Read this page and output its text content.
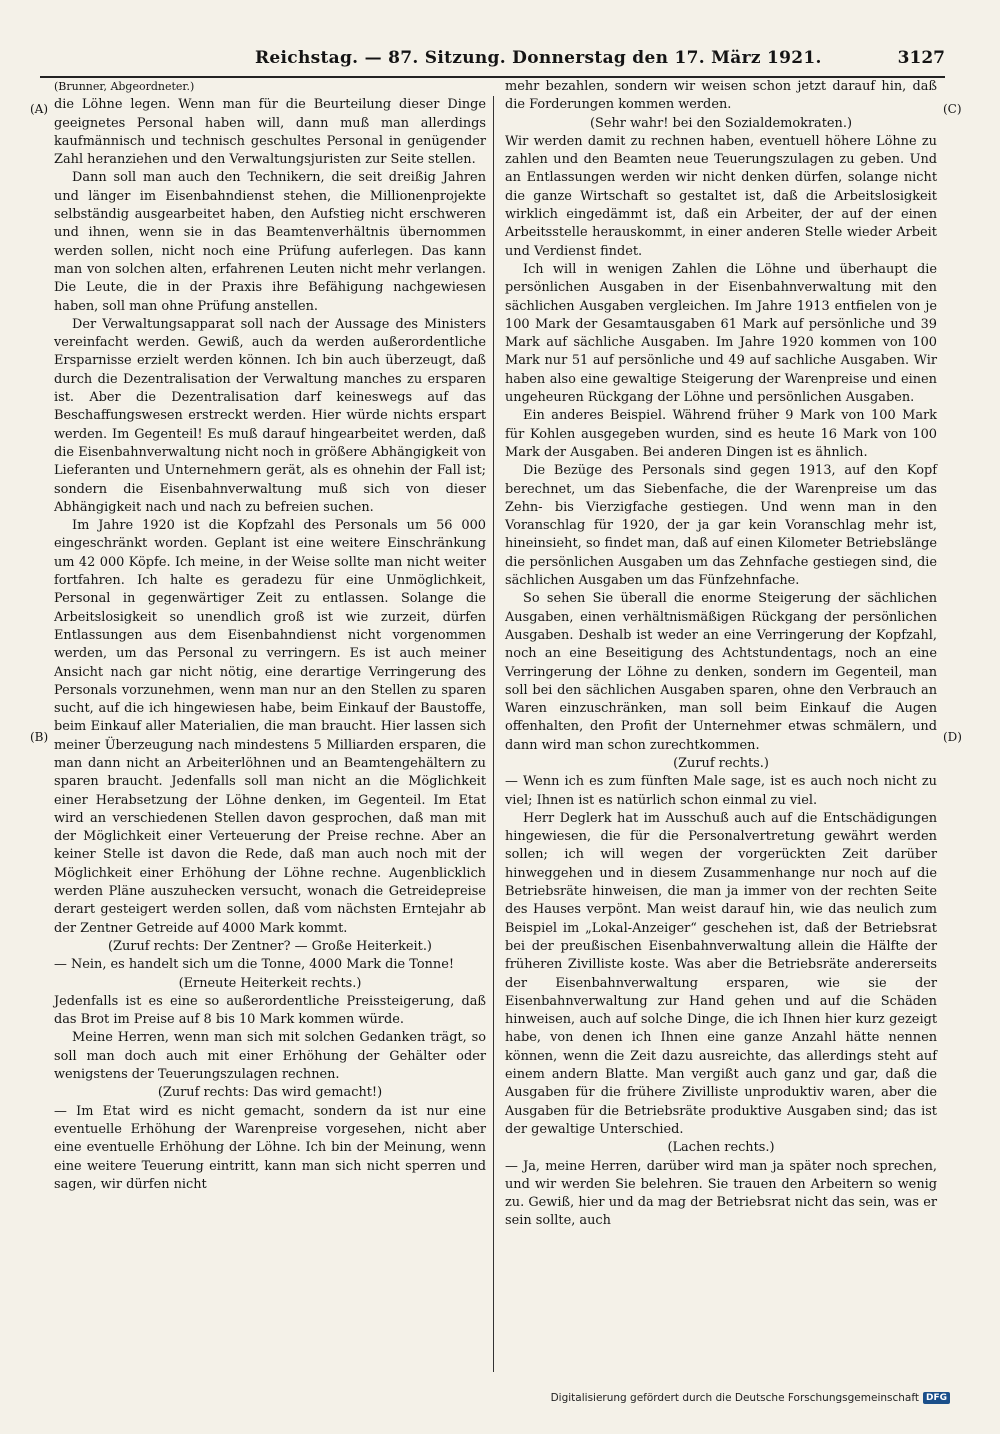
Reichstag. — 87. Sitzung. Donnerstag den 17. März 1921.	3127
(A)
(B)
(C)
(D)

(Brunner, Abgeordneter.)

die Löhne legen. Wenn man für die Beurteilung dieser Dinge geeignetes Personal haben will, dann muß man allerdings kaufmännisch und technisch geschultes Personal in genügender Zahl heranziehen und den Verwaltungsjuristen zur Seite stellen.

Dann soll man auch den Technikern, die seit dreißig Jahren und länger im Eisenbahndienst stehen, die Millionenprojekte selbständig ausgearbeitet haben, den Aufstieg nicht erschweren und ihnen, wenn sie in das Beamtenverhältnis übernommen werden sollen, nicht noch eine Prüfung auferlegen. Das kann man von solchen alten, erfahrenen Leuten nicht mehr verlangen. Die Leute, die in der Praxis ihre Befähigung nachgewiesen haben, soll man ohne Prüfung anstellen.

Der Verwaltungsapparat soll nach der Aussage des Ministers vereinfacht werden. Gewiß, auch da werden außerordentliche Ersparnisse erzielt werden können. Ich bin auch überzeugt, daß durch die Dezentralisation der Verwaltung manches zu ersparen ist. Aber die Dezentralisation darf keineswegs auf das Beschaffungswesen erstreckt werden. Hier würde nichts erspart werden. Im Gegenteil! Es muß darauf hingearbeitet werden, daß die Eisenbahnverwaltung nicht noch in größere Abhängigkeit von Lieferanten und Unternehmern gerät, als es ohnehin der Fall ist; sondern die Eisenbahnverwaltung muß sich von dieser Abhängigkeit nach und nach zu befreien suchen.

Im Jahre 1920 ist die Kopfzahl des Personals um 56 000 eingeschränkt worden. Geplant ist eine weitere Einschränkung um 42 000 Köpfe. Ich meine, in der Weise sollte man nicht weiter fortfahren. Ich halte es geradezu für eine Unmöglichkeit, Personal in gegenwärtiger Zeit zu entlassen. Solange die Arbeitslosigkeit so unendlich groß ist wie zurzeit, dürfen Entlassungen aus dem Eisenbahndienst nicht vorgenommen werden, um das Personal zu verringern. Es ist auch meiner Ansicht nach gar nicht nötig, eine derartige Verringerung des Personals vorzunehmen, wenn man nur an den Stellen zu sparen sucht, auf die ich hingewiesen habe, beim Einkauf der Baustoffe, beim Einkauf aller Materialien, die man braucht. Hier lassen sich meiner Überzeugung nach mindestens 5 Milliarden ersparen, die man dann nicht an Arbeiterlöhnen und an Beamtengehältern zu sparen braucht. Jedenfalls soll man nicht an die Möglichkeit einer Herabsetzung der Löhne denken, im Gegenteil. Im Etat wird an verschiedenen Stellen davon gesprochen, daß man mit der Möglichkeit einer Verteuerung der Preise rechne. Aber an keiner Stelle ist davon die Rede, daß man auch noch mit der Möglichkeit einer Erhöhung der Löhne rechne. Augenblicklich werden Pläne auszuhecken versucht, wonach die Getreidepreise derart gesteigert werden sollen, daß vom nächsten Erntejahr ab der Zentner Getreide auf 4000 Mark kommt.

(Zuruf rechts: Der Zentner? — Große Heiterkeit.)

— Nein, es handelt sich um die Tonne, 4000 Mark die Tonne!

(Erneute Heiterkeit rechts.)

Jedenfalls ist es eine so außerordentliche Preissteigerung, daß das Brot im Preise auf 8 bis 10 Mark kommen würde.

Meine Herren, wenn man sich mit solchen Gedanken trägt, so soll man doch auch mit einer Erhöhung der Gehälter oder wenigstens der Teuerungszulagen rechnen.

(Zuruf rechts: Das wird gemacht!)

— Im Etat wird es nicht gemacht, sondern da ist nur eine eventuelle Erhöhung der Warenpreise vorgesehen, nicht aber eine eventuelle Erhöhung der Löhne. Ich bin der Meinung, wenn eine weitere Teuerung eintritt, kann man sich nicht sperren und sagen, wir dürfen nicht

mehr bezahlen, sondern wir weisen schon jetzt darauf hin, daß die Forderungen kommen werden.

(Sehr wahr! bei den Sozialdemokraten.)

Wir werden damit zu rechnen haben, eventuell höhere Löhne zu zahlen und den Beamten neue Teuerungszulagen zu geben. Und an Entlassungen werden wir nicht denken dürfen, solange nicht die ganze Wirtschaft so gestaltet ist, daß die Arbeitslosigkeit wirklich eingedämmt ist, daß ein Arbeiter, der auf der einen Arbeitsstelle herauskommt, in einer anderen Stelle wieder Arbeit und Verdienst findet.

Ich will in wenigen Zahlen die Löhne und überhaupt die persönlichen Ausgaben in der Eisenbahnverwaltung mit den sächlichen Ausgaben vergleichen. Im Jahre 1913 entfielen von je 100 Mark der Gesamtausgaben 61 Mark auf persönliche und 39 Mark auf sächliche Ausgaben. Im Jahre 1920 kommen von 100 Mark nur 51 auf persönliche und 49 auf sachliche Ausgaben. Wir haben also eine gewaltige Steigerung der Warenpreise und einen ungeheuren Rückgang der Löhne und persönlichen Ausgaben.

Ein anderes Beispiel. Während früher 9 Mark von 100 Mark für Kohlen ausgegeben wurden, sind es heute 16 Mark von 100 Mark der Ausgaben. Bei anderen Dingen ist es ähnlich.

Die Bezüge des Personals sind gegen 1913, auf den Kopf berechnet, um das Siebenfache, die der Warenpreise um das Zehn- bis Vierzigfache gestiegen. Und wenn man in den Voranschlag für 1920, der ja gar kein Voranschlag mehr ist, hineinsieht, so findet man, daß auf einen Kilometer Betriebslänge die persönlichen Ausgaben um das Zehnfache gestiegen sind, die sächlichen Ausgaben um das Fünfzehnfache.

So sehen Sie überall die enorme Steigerung der sächlichen Ausgaben, einen verhältnismäßigen Rückgang der persönlichen Ausgaben. Deshalb ist weder an eine Verringerung der Kopfzahl, noch an eine Beseitigung des Achtstundentags, noch an eine Verringerung der Löhne zu denken, sondern im Gegenteil, man soll bei den sächlichen Ausgaben sparen, ohne den Verbrauch an Waren einzuschränken, man soll beim Einkauf die Augen offenhalten, den Profit der Unternehmer etwas schmälern, und dann wird man schon zurechtkommen.

(Zuruf rechts.)

— Wenn ich es zum fünften Male sage, ist es auch noch nicht zu viel; Ihnen ist es natürlich schon einmal zu viel.

Herr Deglerk hat im Ausschuß auch auf die Entschädigungen hingewiesen, die für die Personalvertretung gewährt werden sollen; ich will wegen der vorgerückten Zeit darüber hinweggehen und in diesem Zusammenhange nur noch auf die Betriebsräte hinweisen, die man ja immer von der rechten Seite des Hauses verpönt. Man weist darauf hin, wie das neulich zum Beispiel im „Lokal-Anzeiger“ geschehen ist, daß der Betriebsrat bei der preußischen Eisenbahnverwaltung allein die Hälfte der früheren Zivilliste koste. Was aber die Betriebsräte andererseits der Eisenbahnverwaltung ersparen, wie sie der Eisenbahnverwaltung zur Hand gehen und auf die Schäden hinweisen, auch auf solche Dinge, die ich Ihnen hier kurz gezeigt habe, von denen ich Ihnen eine ganze Anzahl hätte nennen können, wenn die Zeit dazu ausreichte, das allerdings steht auf einem andern Blatte. Man vergißt auch ganz und gar, daß die Ausgaben für die frühere Zivilliste unproduktiv waren, aber die Ausgaben für die Betriebsräte produktive Ausgaben sind; das ist der gewaltige Unterschied.

(Lachen rechts.)

— Ja, meine Herren, darüber wird man ja später noch sprechen, und wir werden Sie belehren. Sie trauen den Arbeitern so wenig zu. Gewiß, hier und da mag der Betriebsrat nicht das sein, was er sein sollte, auch

Digitalisierung gefördert durch die Deutsche Forschungsgemeinschaft DFG
